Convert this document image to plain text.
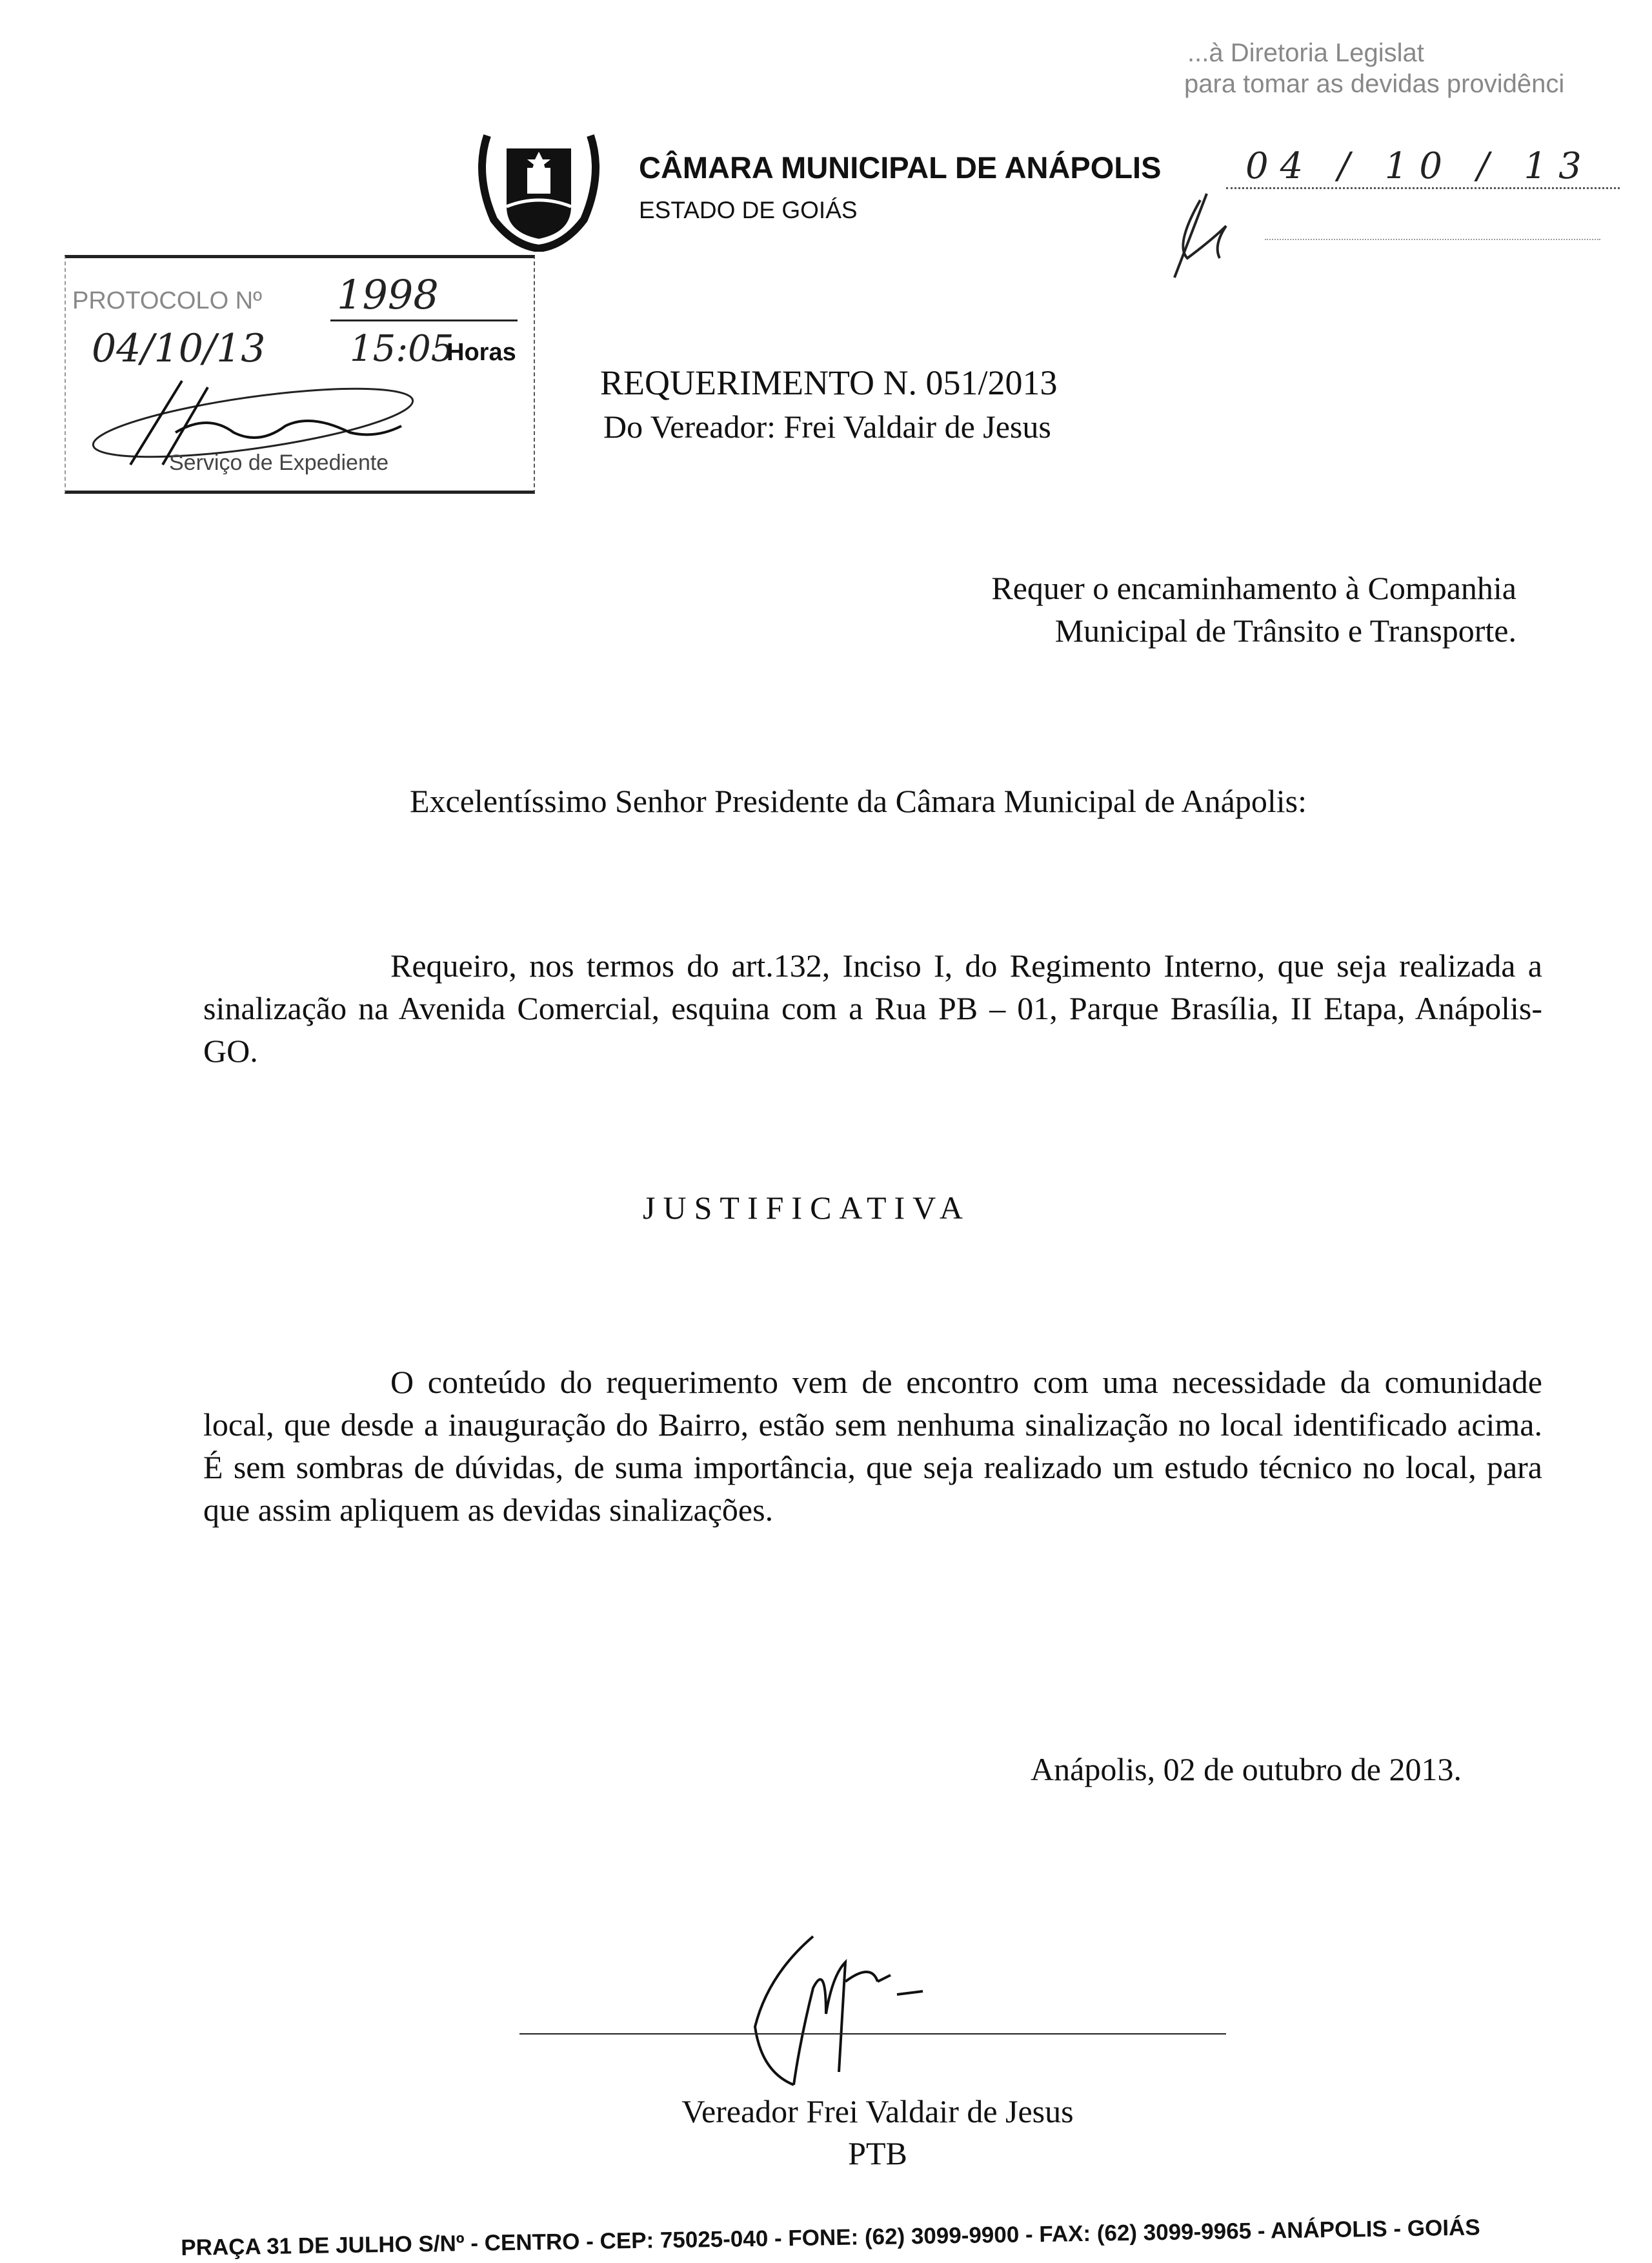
...à Diretoria Legislat
para tomar as devidas providênci
04 / 10 / 13
CÂMARA MUNICIPAL DE ANÁPOLIS
ESTADO DE GOIÁS
PROTOCOLO Nº 1998
04/10/13 15:05
Horas
Serviço de Expediente
REQUERIMENTO N. 051/2013
Do Vereador: Frei Valdair de Jesus
Requer o encaminhamento à Companhia
Municipal de Trânsito e Transporte.
Excelentíssimo Senhor Presidente da Câmara Municipal de Anápolis:
Requeiro, nos termos do art.132, Inciso I, do Regimento Interno, que seja realizada a sinalização na Avenida Comercial, esquina com a Rua PB – 01, Parque Brasília, II Etapa, Anápolis-GO.
JUSTIFICATIVA
O conteúdo do requerimento vem de encontro com uma necessidade da comunidade local, que desde a inauguração do Bairro, estão sem nenhuma sinalização no local identificado acima. É sem sombras de dúvidas, de suma importância, que seja realizado um estudo técnico no local, para que assim apliquem as devidas sinalizações.
Anápolis, 02 de outubro de 2013.
Vereador Frei Valdair de Jesus
PTB
PRAÇA 31 DE JULHO S/Nº - CENTRO - CEP: 75025-040 - FONE: (62) 3099-9900 - FAX: (62) 3099-9965 - ANÁPOLIS - GOIÁS
